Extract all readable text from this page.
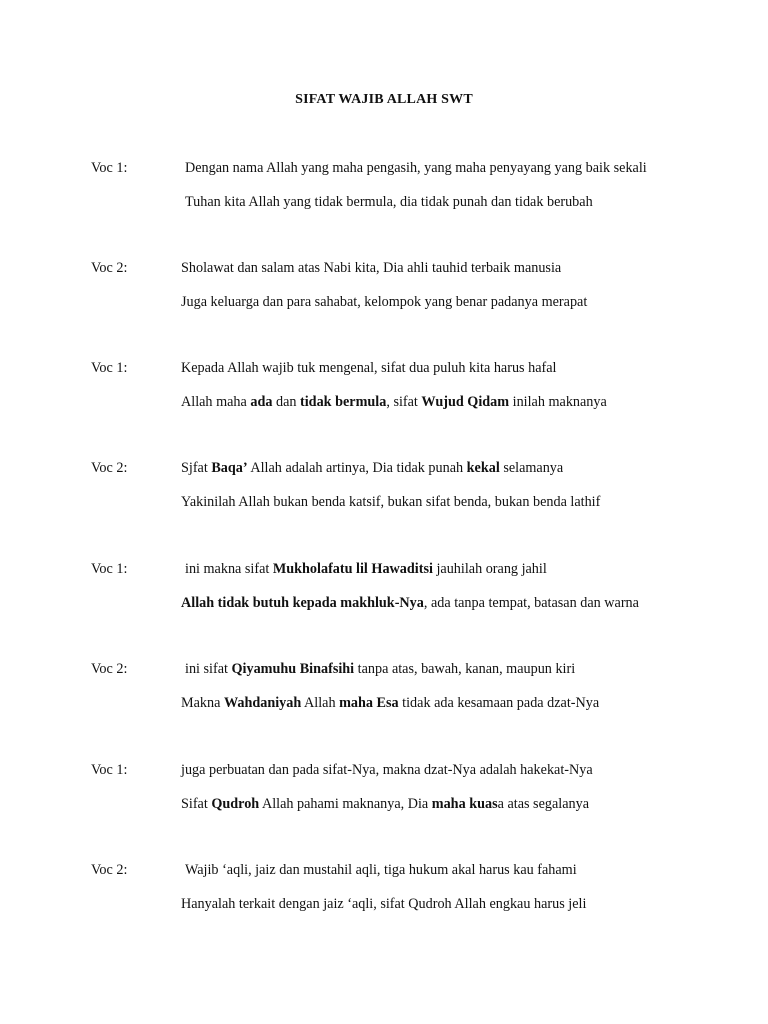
SIFAT WAJIB ALLAH SWT
Voc 1:	Dengan nama Allah yang maha pengasih, yang maha penyayang yang baik sekali
Tuhan kita Allah yang tidak bermula, dia tidak punah dan tidak berubah
Voc 2:	Sholawat dan salam atas Nabi kita, Dia ahli tauhid terbaik manusia
Juga keluarga dan para sahabat, kelompok yang benar padanya merapat
Voc 1:	Kepada Allah wajib tuk mengenal, sifat dua puluh kita harus hafal
Allah maha ada dan tidak bermula, sifat Wujud Qidam inilah maknanya
Voc 2:	Sjfat Baqa’ Allah adalah artinya, Dia tidak punah kekal selamanya
Yakinilah Allah bukan benda katsif, bukan sifat benda, bukan benda lathif
Voc 1:	ini makna sifat Mukholafatu lil Hawaditsi jauhilah orang jahil
Allah tidak butuh kepada makhluk-Nya, ada tanpa tempat, batasan dan warna
Voc 2:	ini sifat Qiyamuhu Binafsihi tanpa atas, bawah, kanan, maupun kiri
Makna Wahdaniyah Allah maha Esa tidak ada kesamaan pada dzat-Nya
Voc 1:	juga perbuatan dan pada sifat-Nya, makna dzat-Nya adalah hakekat-Nya
Sifat Qudroh Allah pahami maknanya, Dia maha kuasa atas segalanya
Voc 2:	Wajib ‘aqli, jaiz dan mustahil aqli, tiga hukum akal harus kau fahami
Hanyalah terkait dengan jaiz ‘aqli, sifat Qudroh Allah engkau harus jeli
